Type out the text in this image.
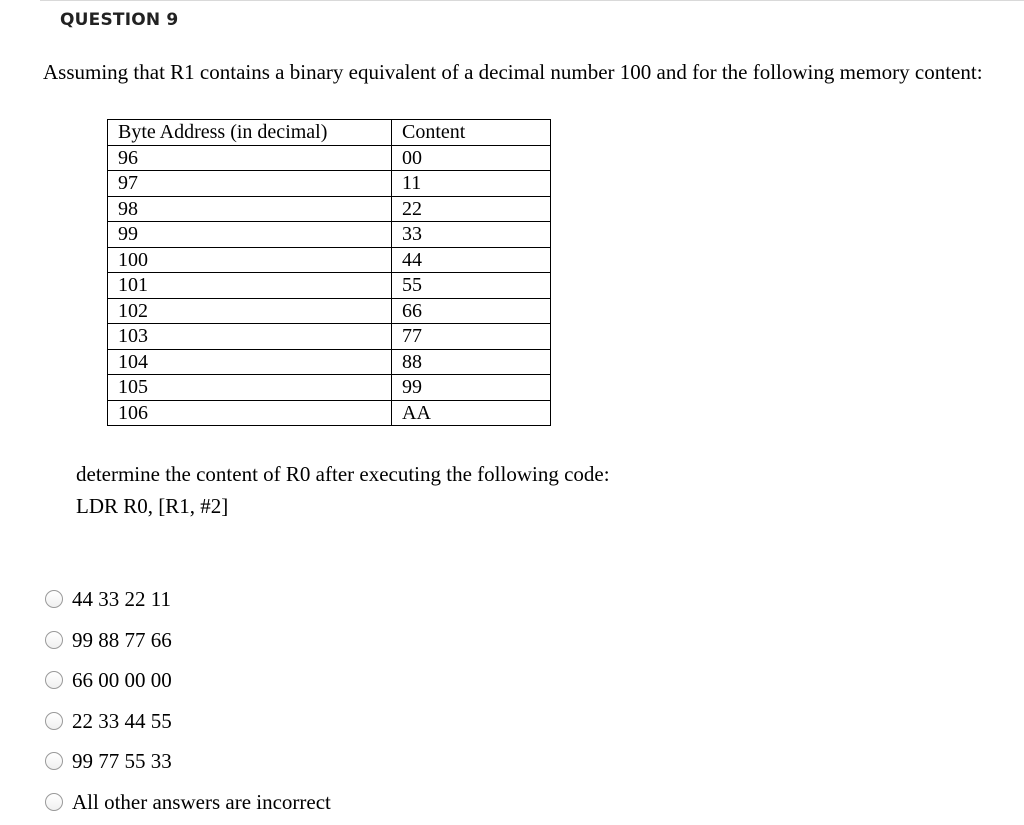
QUESTION 9
Assuming that R1 contains a binary equivalent of a decimal number 100 and for the following memory content:
Byte Address (in decimal)	Content
96	00
97	11
98	22
99	33
100	44
101	55
102	66
103	77
104	88
105	99
106	AA
determine the content of R0 after executing the following code:
LDR R0, [R1, #2]
44 33 22 11
99 88 77 66
66 00 00 00
22 33 44 55
99 77 55 33
All other answers are incorrect
